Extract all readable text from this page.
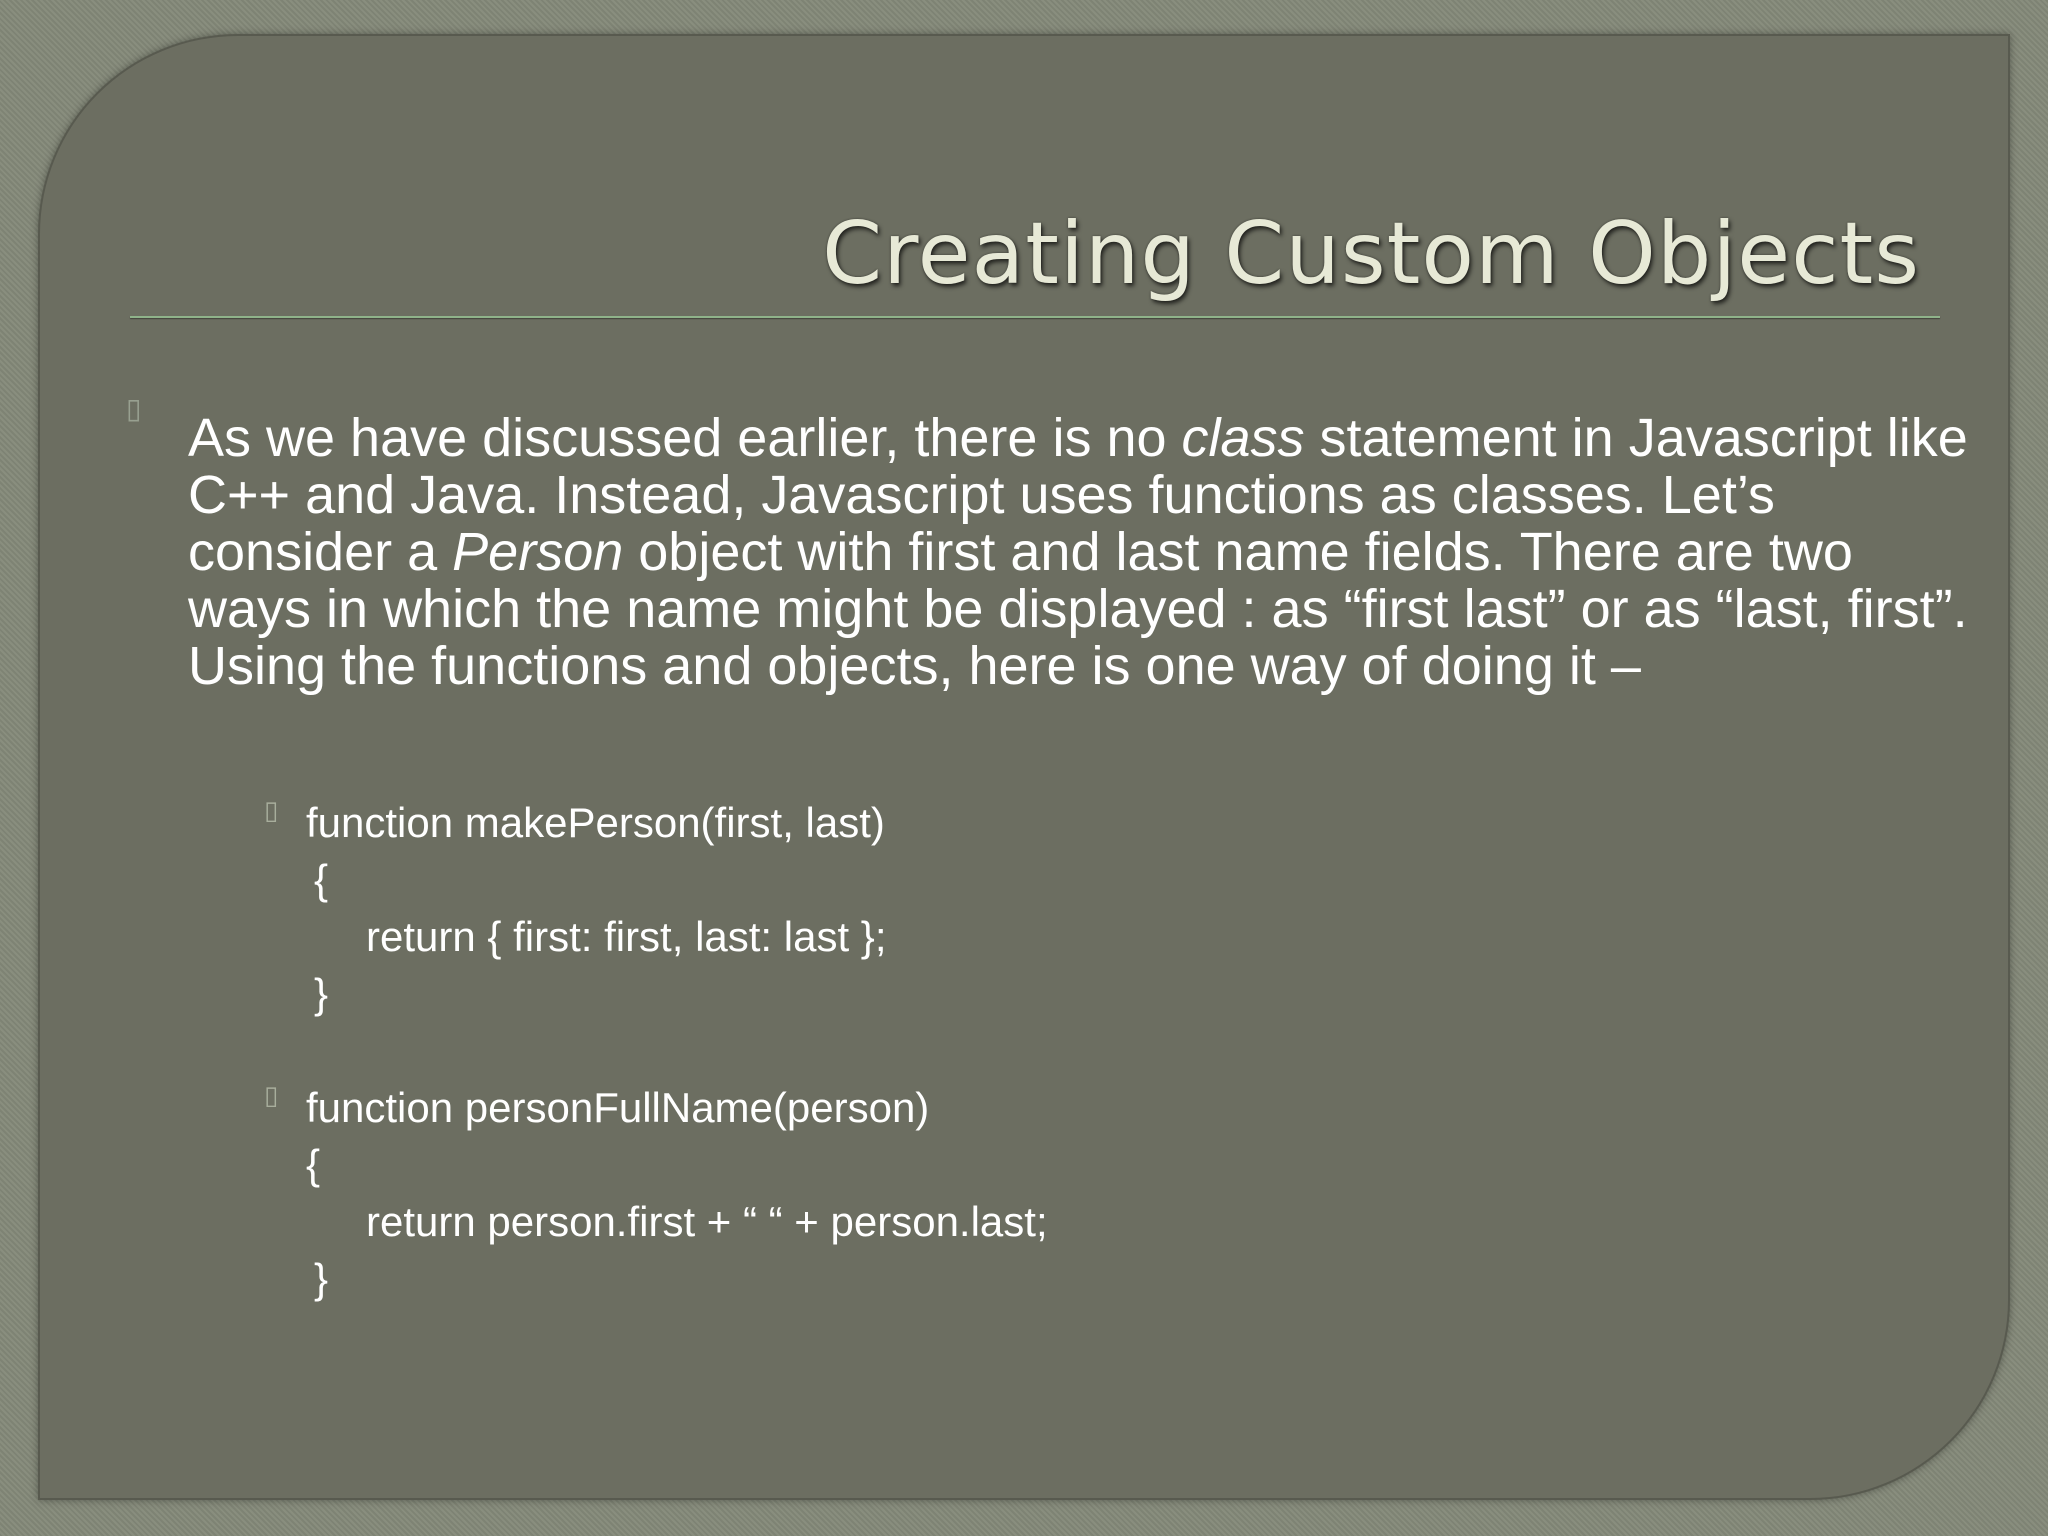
Creating Custom Objects
▯ As we have discussed earlier, there is no class statement in Javascript like C++ and Java. Instead, Javascript uses functions as classes. Let’s consider a Person object with first and last name fields. There are two ways in which the name might be displayed : as “first last” or as “last, first”. Using the functions and objects, here is one way of doing it –

▯ function makePerson(first, last)
{
return { first: first, last: last };
}
▯ function personFullName(person)
{
return person.first + “ “ + person.last;
}
